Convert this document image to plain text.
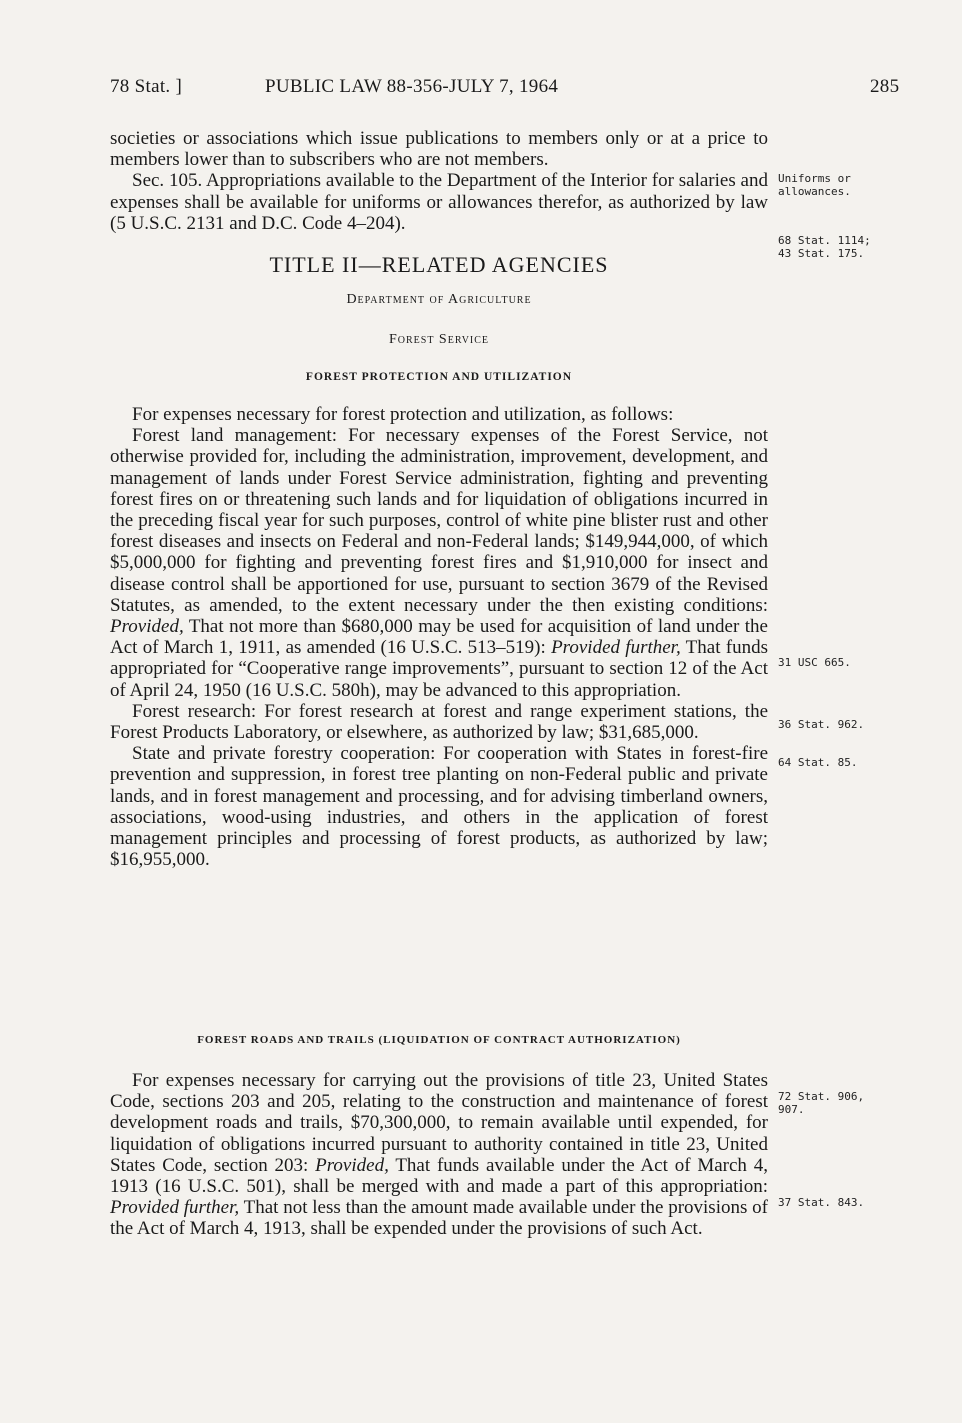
78 Stat. ]	PUBLIC LAW 88-356-JULY 7, 1964	285

societies or associations which issue publications to members only or at a price to members lower than to subscribers who are not members.

Sec. 105. Appropriations available to the Department of the Interior for salaries and expenses shall be available for uniforms or allowances therefor, as authorized by law (5 U.S.C. 2131 and D.C. Code 4–204).

TITLE II—RELATED AGENCIES
Department of Agriculture
Forest Service
FOREST PROTECTION AND UTILIZATION

For expenses necessary for forest protection and utilization, as follows:

Forest land management: For necessary expenses of the Forest Service, not otherwise provided for, including the administration, improvement, development, and management of lands under Forest Service administration, fighting and preventing forest fires on or threatening such lands and for liquidation of obligations incurred in the preceding fiscal year for such purposes, control of white pine blister rust and other forest diseases and insects on Federal and non-Federal lands; $149,944,000, of which $5,000,000 for fighting and preventing forest fires and $1,910,000 for insect and disease control shall be apportioned for use, pursuant to section 3679 of the Revised Statutes, as amended, to the extent necessary under the then existing conditions: Provided, That not more than $680,000 may be used for acquisition of land under the Act of March 1, 1911, as amended (16 U.S.C. 513–519): Provided further, That funds appropriated for “Cooperative range improvements”, pursuant to section 12 of the Act of April 24, 1950 (16 U.S.C. 580h), may be advanced to this appropriation.

Forest research: For forest research at forest and range experiment stations, the Forest Products Laboratory, or elsewhere, as authorized by law; $31,685,000.

State and private forestry cooperation: For cooperation with States in forest-fire prevention and suppression, in forest tree planting on non-Federal public and private lands, and in forest management and processing, and for advising timberland owners, associations, wood-using industries, and others in the application of forest management principles and processing of forest products, as authorized by law; $16,955,000.

FOREST ROADS AND TRAILS (LIQUIDATION OF CONTRACT AUTHORIZATION)

For expenses necessary for carrying out the provisions of title 23, United States Code, sections 203 and 205, relating to the construction and maintenance of forest development roads and trails, $70,300,000, to remain available until expended, for liquidation of obligations incurred pursuant to authority contained in title 23, United States Code, section 203: Provided, That funds available under the Act of March 4, 1913 (16 U.S.C. 501), shall be merged with and made a part of this appropriation: Provided further, That not less than the amount made available under the provisions of the Act of March 4, 1913, shall be expended under the provisions of such Act.

Uniforms or
allowances.
68 Stat. 1114;
43 Stat. 175.
31 USC 665.
36 Stat. 962.
64 Stat. 85.
72 Stat. 906,
907.
37 Stat. 843.
